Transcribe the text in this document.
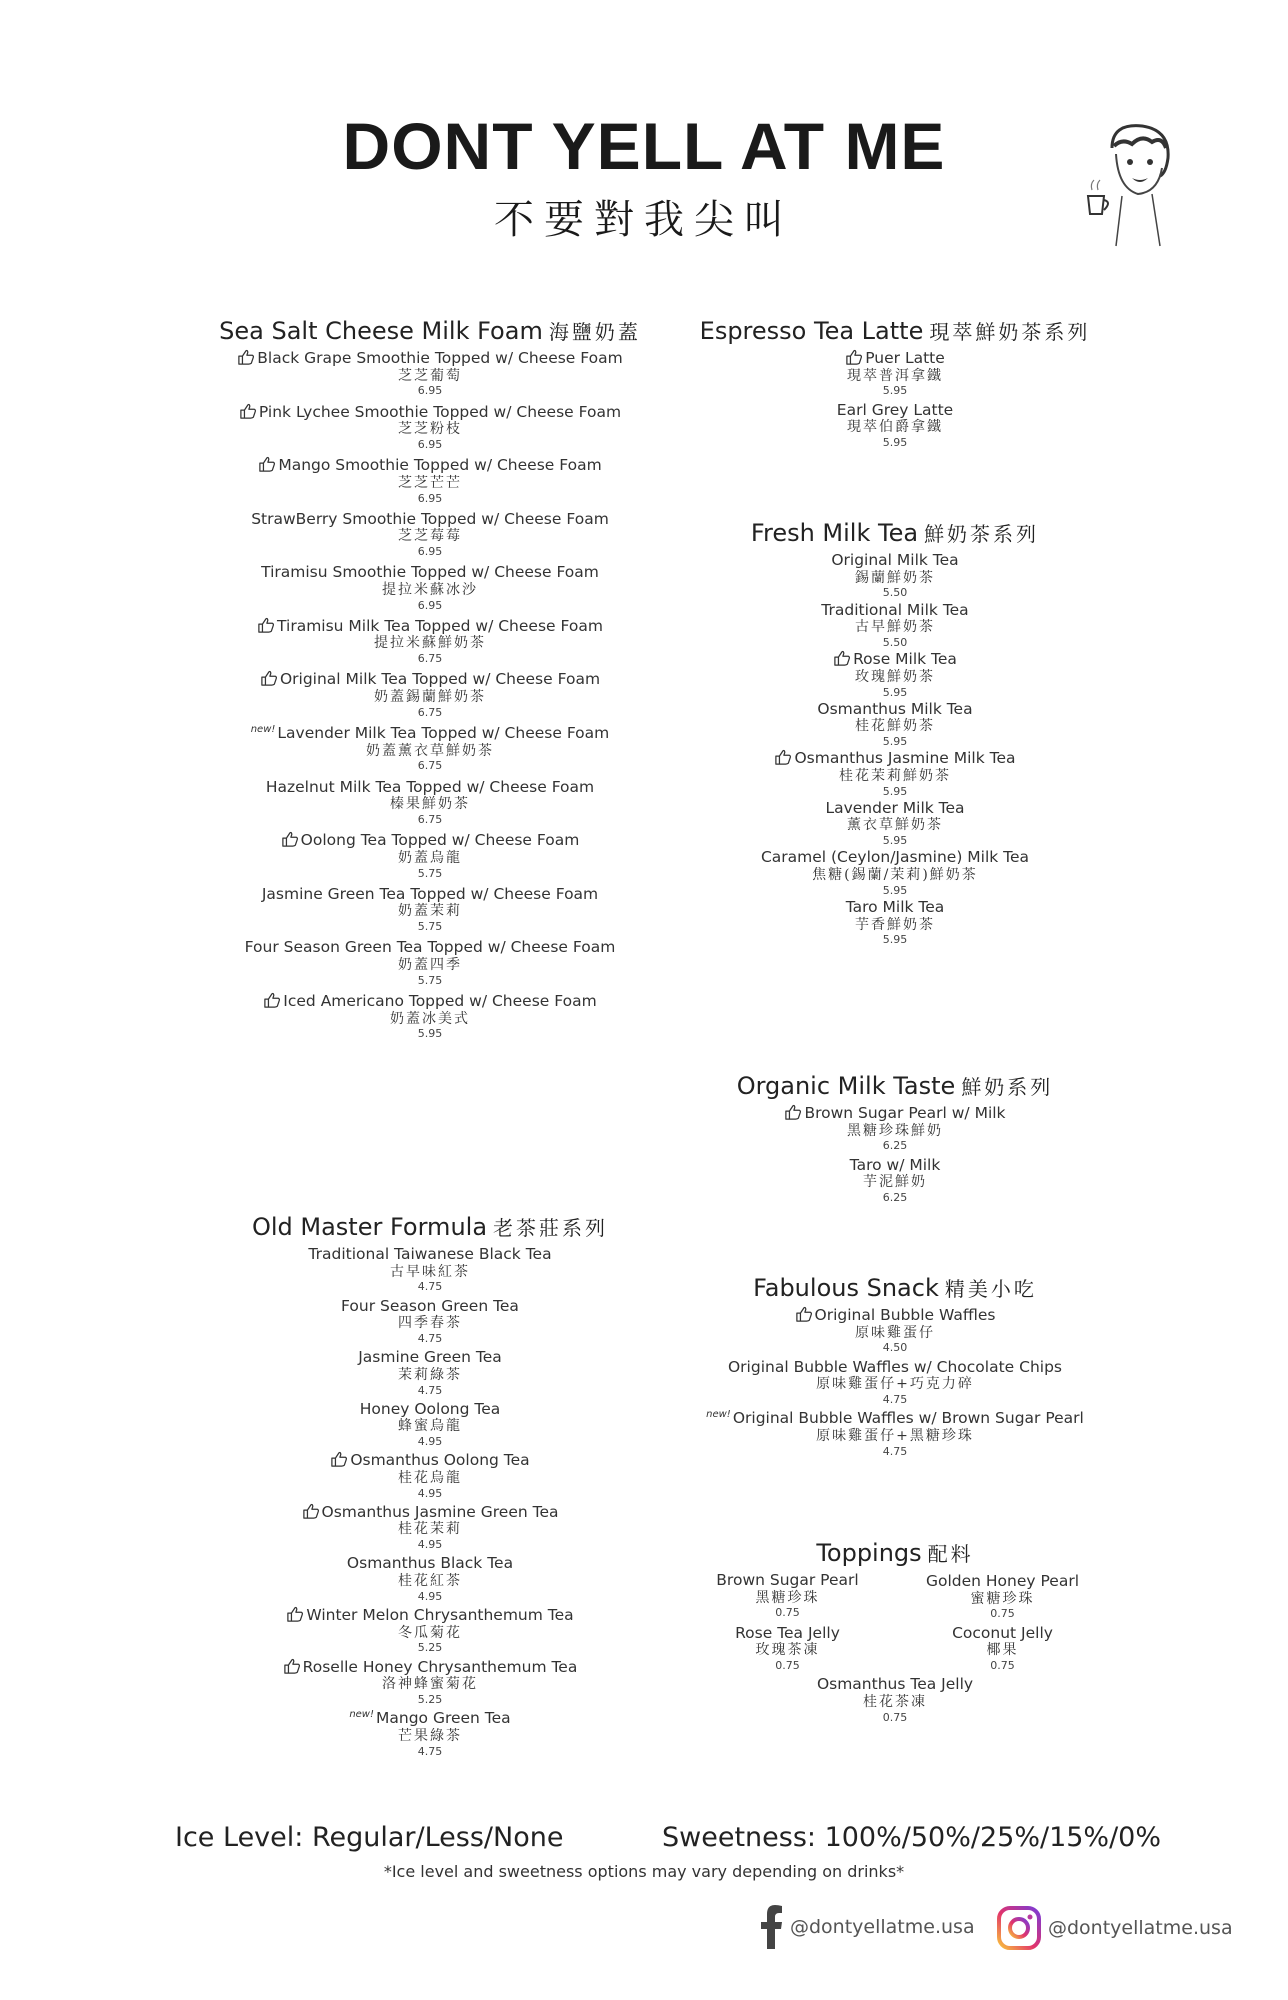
DONT YELL AT ME
不要對我尖叫
Sea Salt Cheese Milk Foam 海鹽奶蓋
Black Grape Smoothie Topped w/ Cheese Foam
芝芝葡萄
6.95
Pink Lychee Smoothie Topped w/ Cheese Foam
芝芝粉枝
6.95
Mango Smoothie Topped w/ Cheese Foam
芝芝芒芒
6.95
StrawBerry Smoothie Topped w/ Cheese Foam
芝芝莓莓
6.95
Tiramisu Smoothie Topped w/ Cheese Foam
提拉米蘇冰沙
6.95
Tiramisu Milk Tea Topped w/ Cheese Foam
提拉米蘇鮮奶茶
6.75
Original Milk Tea Topped w/ Cheese Foam
奶蓋錫蘭鮮奶茶
6.75
$^{new!}$ Lavender Milk Tea Topped w/ Cheese Foam
奶蓋薰衣草鮮奶茶
6.75
Hazelnut Milk Tea Topped w/ Cheese Foam
榛果鮮奶茶
6.75
Oolong Tea Topped w/ Cheese Foam
奶蓋烏龍
5.75
Jasmine Green Tea Topped w/ Cheese Foam
奶蓋茉莉
5.75
Four Season Green Tea Topped w/ Cheese Foam
奶蓋四季
5.75
Iced Americano Topped w/ Cheese Foam
奶蓋冰美式
5.95
Old Master Formula 老茶莊系列
Traditional Taiwanese Black Tea
古早味紅茶
4.75
Four Season Green Tea
四季春茶
4.75
Jasmine Green Tea
茉莉綠茶
4.75
Honey Oolong Tea
蜂蜜烏龍
4.95
Osmanthus Oolong Tea
桂花烏龍
4.95
Osmanthus Jasmine Green Tea
桂花茉莉
4.95
Osmanthus Black Tea
桂花紅茶
4.95
Winter Melon Chrysanthemum Tea
冬瓜菊花
5.25
Roselle Honey Chrysanthemum Tea
洛神蜂蜜菊花
5.25
$^{new!}$ Mango Green Tea
芒果綠茶
4.75
Espresso Tea Latte 現萃鮮奶茶系列
Puer Latte
現萃普洱拿鐵
5.95
Earl Grey Latte
現萃伯爵拿鐵
5.95
Fresh Milk Tea 鮮奶茶系列
Original Milk Tea
錫蘭鮮奶茶
5.50
Traditional Milk Tea
古早鮮奶茶
5.50
Rose Milk Tea
玫瑰鮮奶茶
5.95
Osmanthus Milk Tea
桂花鮮奶茶
5.95
Osmanthus Jasmine Milk Tea
桂花茉莉鮮奶茶
5.95
Lavender Milk Tea
薰衣草鮮奶茶
5.95
Caramel (Ceylon/Jasmine) Milk Tea
焦糖(錫蘭/茉莉)鮮奶茶
5.95
Taro Milk Tea
芋香鮮奶茶
5.95
Organic Milk Taste 鮮奶系列
Brown Sugar Pearl w/ Milk
黑糖珍珠鮮奶
6.25
Taro w/ Milk
芋泥鮮奶
6.25
Fabulous Snack 精美小吃
Original Bubble Waffles
原味雞蛋仔
4.50
Original Bubble Waffles w/ Chocolate Chips
原味雞蛋仔+巧克力碎
4.75
$^{new!}$ Original Bubble Waffles w/ Brown Sugar Pearl
原味雞蛋仔+黑糖珍珠
4.75
Toppings 配料
Brown Sugar Pearl
黑糖珍珠
0.75
Golden Honey Pearl
蜜糖珍珠
0.75
Rose Tea Jelly
玫瑰茶凍
0.75
Coconut Jelly
椰果
0.75
Osmanthus Tea Jelly
桂花茶凍
0.75
Ice Level: Regular/Less/None	Sweetness: 100%/50%/25%/15%/0%
*Ice level and sweetness options may vary depending on drinks*
@dontyellatme.usa	@dontyellatme.usa
